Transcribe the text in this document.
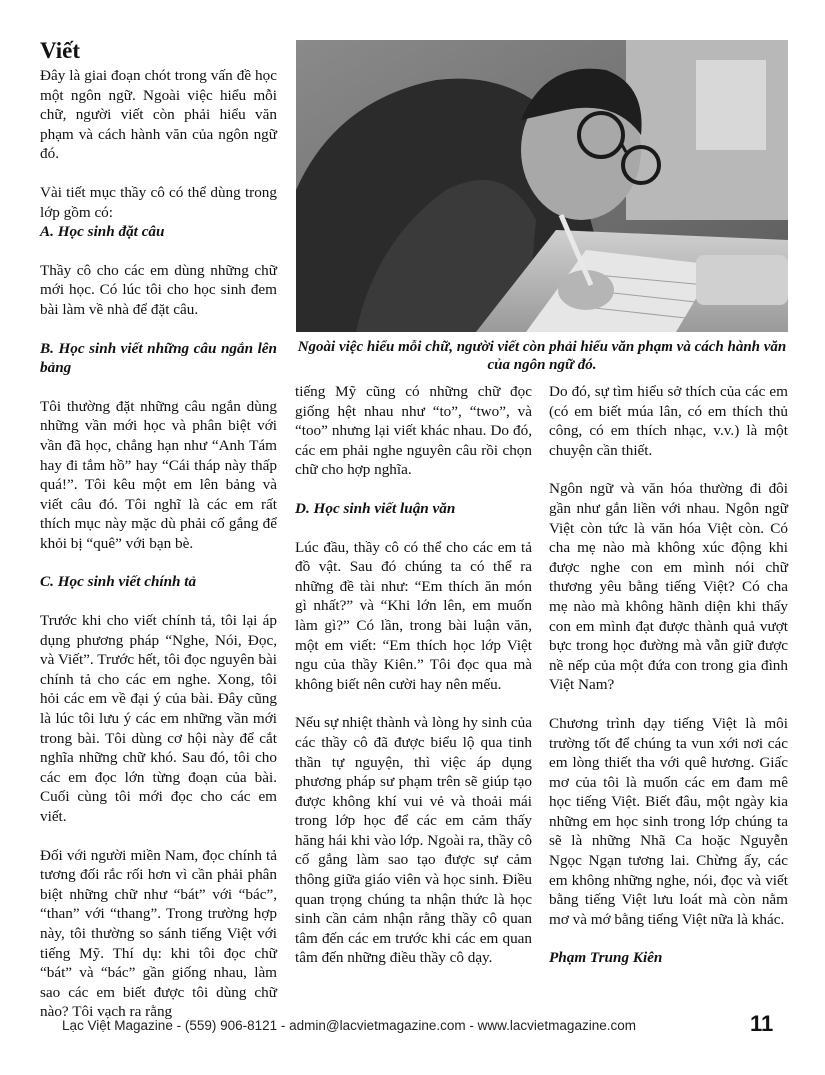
Viết

Đây là giai đoạn chót trong vấn đề học một ngôn ngữ. Ngoài việc hiểu mỗi chữ, người viết còn phải hiểu văn phạm và cách hành văn của ngôn ngữ đó.

Vài tiết mục thầy cô có thể dùng trong lớp gồm có:

A. Học sinh đặt câu

Thầy cô cho các em dùng những chữ mới học. Có lúc tôi cho học sinh đem bài làm về nhà để đặt câu.

B. Học sinh viết những câu ngắn lên bảng

Tôi thường đặt những câu ngắn dùng những vần mới học và phân biệt với vần đã học, chẳng hạn như “Anh Tám hay đi tắm hồ” hay “Cái tháp này thấp quá!”. Tôi kêu một em lên bảng và viết câu đó. Tôi nghĩ là các em rất thích mục này mặc dù phải cố gắng để khỏi bị “quê” với bạn bè.

C. Học sinh viết chính tả

Trước khi cho viết chính tả, tôi lại áp dụng phương pháp “Nghe, Nói, Đọc, và Viết”. Trước hết, tôi đọc nguyên bài chính tả cho các em nghe. Xong, tôi hỏi các em về đại ý của bài. Đây cũng là lúc tôi lưu ý các em những vần mới trong bài. Tôi dùng cơ hội này để cắt nghĩa những chữ khó. Sau đó, tôi cho các em đọc lớn từng đoạn của bài. Cuối cùng tôi mới đọc cho các em viết.

Đối với người miền Nam, đọc chính tả tương đối rắc rối hơn vì cần phải phân biệt những chữ như “bát” với “bác”, “than” với “thang”. Trong trường hợp này, tôi thường so sánh tiếng Việt với tiếng Mỹ. Thí dụ: khi tôi đọc chữ “bát” và “bác” gần giống nhau, làm sao các em biết được tôi dùng chữ nào? Tôi vạch ra rằng

Ngoài việc hiểu mỗi chữ, người viết còn phải hiểu văn phạm và cách hành văn của ngôn ngữ đó.

tiếng Mỹ cũng có những chữ đọc giống hệt nhau như “to”, “two”, và “too” nhưng lại viết khác nhau. Do đó, các em phải nghe nguyên câu rồi chọn chữ cho hợp nghĩa.

D. Học sinh viết luận văn

Lúc đầu, thầy cô có thể cho các em tả đồ vật. Sau đó chúng ta có thể ra những đề tài như: “Em thích ăn món gì nhất?” và “Khi lớn lên, em muốn làm gì?” Có lần, trong bài luận văn, một em viết: “Em thích học lớp Việt ngu của thầy Kiên.” Tôi đọc qua mà không biết nên cười hay nên mếu.

Nếu sự nhiệt thành và lòng hy sinh của các thầy cô đã được biểu lộ qua tinh thần tự nguyện, thì việc áp dụng phương pháp sư phạm trên sẽ giúp tạo được không khí vui vẻ và thoải mái trong lớp học để các em cảm thấy hăng hái khi vào lớp. Ngoài ra, thầy cô cố gắng làm sao tạo được sự cảm thông giữa giáo viên và học sinh. Điều quan trọng chúng ta nhận thức là học sinh cần cảm nhận rằng thầy cô quan tâm đến các em trước khi các em quan tâm đến những điều thầy cô dạy.

Do đó, sự tìm hiểu sở thích của các em (có em biết múa lân, có em thích thủ công, có em thích nhạc, v.v.) là một chuyện cần thiết.

Ngôn ngữ và văn hóa thường đi đôi gần như gắn liền với nhau. Ngôn ngữ Việt còn tức là văn hóa Việt còn. Có cha mẹ nào mà không xúc động khi được nghe con em mình nói chữ thương yêu bằng tiếng Việt? Có cha mẹ nào mà không hãnh diện khi thấy con em mình đạt được thành quả vượt bực trong học đường mà vẫn giữ được nề nếp của một đứa con trong gia đình Việt Nam?

Chương trình dạy tiếng Việt là môi trường tốt để chúng ta vun xới nơi các em lòng thiết tha với quê hương. Giấc mơ của tôi là muốn các em đam mê học tiếng Việt. Biết đâu, một ngày kia những em học sinh trong lớp chúng ta sẽ là những Nhã Ca hoặc Nguyễn Ngọc Ngạn tương lai. Chừng ấy, các em không những nghe, nói, đọc và viết bằng tiếng Việt lưu loát mà còn nằm mơ và mớ bằng tiếng Việt nữa là khác.

Phạm Trung Kiên

Lạc Việt Magazine - (559) 906-8121 - admin@lacvietmagazine.com - www.lacvietmagazine.com	11
